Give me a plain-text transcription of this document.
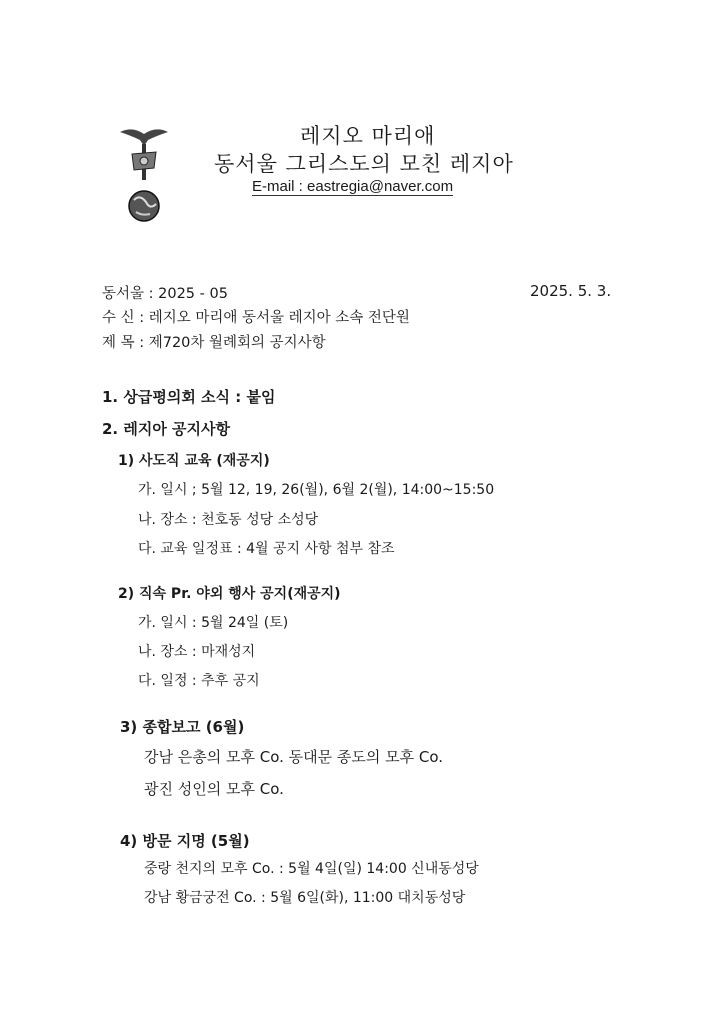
레지오 마리애
동서울 그리스도의 모친 레지아
E-mail : eastregia@naver.com
동서울 : 2025 - 05	2025. 5. 3.
수 신 : 레지오 마리애 동서울 레지아 소속 전단원
제 목 : 제720차 월례회의 공지사항
1. 상급평의회 소식 : 붙임
2. 레지아 공지사항
1) 사도직 교육 (재공지)
가. 일시 ; 5월 12, 19, 26(월), 6월 2(월), 14:00~15:50
나. 장소 : 천호동 성당 소성당
다. 교육 일정표 : 4월 공지 사항 첨부 참조
2) 직속 Pr. 야외 행사 공지(재공지)
가. 일시 : 5월 24일 (토)
나. 장소 : 마재성지
다. 일정 : 추후 공지
3) 종합보고 (6월)
강남 은총의 모후 Co. 동대문 종도의 모후 Co.
광진 성인의 모후 Co.
4) 방문 지명 (5월)
중랑 천지의 모후 Co. : 5월 4일(일) 14:00 신내동성당
강남 황금궁전 Co. : 5월 6일(화), 11:00 대치동성당
